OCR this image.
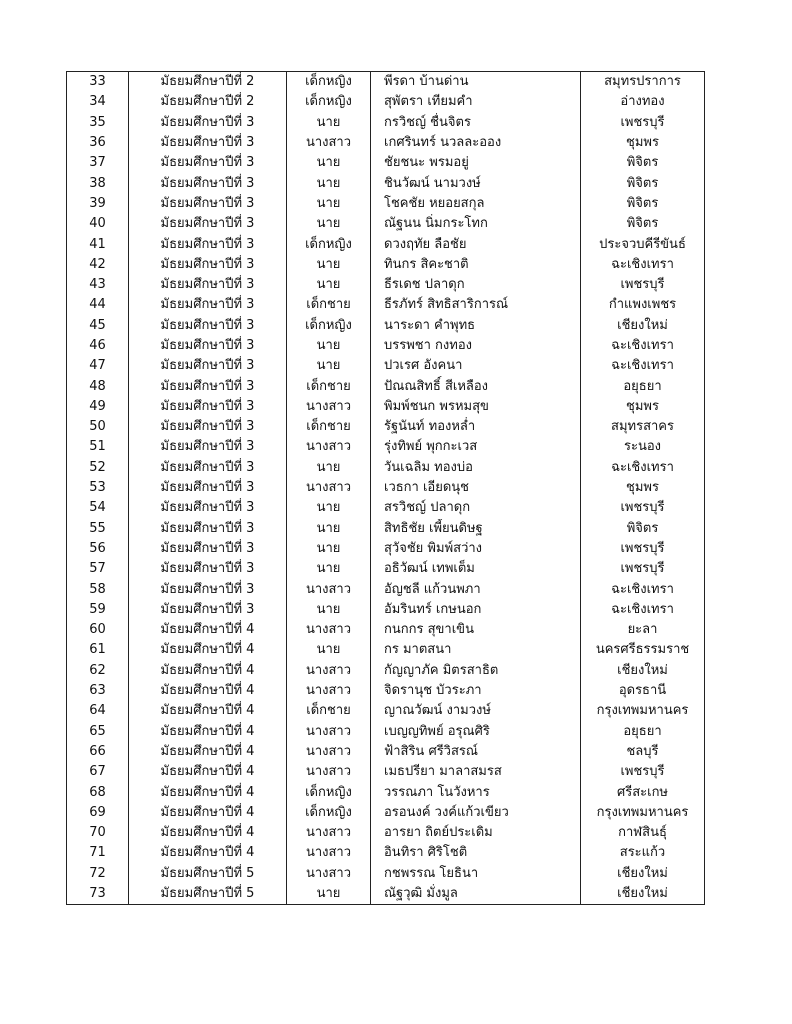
33	มัธยมศึกษาปีที่ 2	เด็กหญิง	พีรดา บ้านด่าน	สมุทรปราการ
34	มัธยมศึกษาปีที่ 2	เด็กหญิง	สุพัตรา เทียมคำ	อ่างทอง
35	มัธยมศึกษาปีที่ 3	นาย	กรวิชญ์ ชื่นจิตร	เพชรบุรี
36	มัธยมศึกษาปีที่ 3	นางสาว	เกศรินทร์ นวลละออง	ชุมพร
37	มัธยมศึกษาปีที่ 3	นาย	ชัยชนะ พรมอยู่	พิจิตร
38	มัธยมศึกษาปีที่ 3	นาย	ชินวัฒน์ นามวงษ์	พิจิตร
39	มัธยมศึกษาปีที่ 3	นาย	โชคชัย หยอยสกุล	พิจิตร
40	มัธยมศึกษาปีที่ 3	นาย	ณัฐนน นิ่มกระโทก	พิจิตร
41	มัธยมศึกษาปีที่ 3	เด็กหญิง	ดวงฤทัย ลือชัย	ประจวบคีรีขันธ์
42	มัธยมศึกษาปีที่ 3	นาย	ทินกร สิคะชาติ	ฉะเชิงเทรา
43	มัธยมศึกษาปีที่ 3	นาย	ธีรเดช ปลาดุก	เพชรบุรี
44	มัธยมศึกษาปีที่ 3	เด็กชาย	ธีรภัทร์ สิทธิสาริการณ์	กำแพงเพชร
45	มัธยมศึกษาปีที่ 3	เด็กหญิง	นาระดา คำพุทธ	เชียงใหม่
46	มัธยมศึกษาปีที่ 3	นาย	บรรพชา กงทอง	ฉะเชิงเทรา
47	มัธยมศึกษาปีที่ 3	นาย	ปวเรศ อังคนา	ฉะเชิงเทรา
48	มัธยมศึกษาปีที่ 3	เด็กชาย	ปัณณสิทธิ์ สีเหลือง	อยุธยา
49	มัธยมศึกษาปีที่ 3	นางสาว	พิมพ์ชนก พรหมสุข	ชุมพร
50	มัธยมศึกษาปีที่ 3	เด็กชาย	รัฐนันท์ ทองหล่ำ	สมุทรสาคร
51	มัธยมศึกษาปีที่ 3	นางสาว	รุ่งทิพย์ พุกกะเวส	ระนอง
52	มัธยมศึกษาปีที่ 3	นาย	วันเฉลิม ทองบ่อ	ฉะเชิงเทรา
53	มัธยมศึกษาปีที่ 3	นางสาว	เวธกา เอียดนุช	ชุมพร
54	มัธยมศึกษาปีที่ 3	นาย	สรวิชญ์ ปลาดุก	เพชรบุรี
55	มัธยมศึกษาปีที่ 3	นาย	สิทธิชัย เพี้ยนดิษฐ	พิจิตร
56	มัธยมศึกษาปีที่ 3	นาย	สุวัจชัย พิมพ์สว่าง	เพชรบุรี
57	มัธยมศึกษาปีที่ 3	นาย	อธิวัฒน์ เทพเต็ม	เพชรบุรี
58	มัธยมศึกษาปีที่ 3	นางสาว	อัญชลี แก้วนพภา	ฉะเชิงเทรา
59	มัธยมศึกษาปีที่ 3	นาย	อัมรินทร์ เกษนอก	ฉะเชิงเทรา
60	มัธยมศึกษาปีที่ 4	นางสาว	กนกกร สุขาเขิน	ยะลา
61	มัธยมศึกษาปีที่ 4	นาย	กร มาตสนา	นครศรีธรรมราช
62	มัธยมศึกษาปีที่ 4	นางสาว	กัญญาภัค มิตรสาธิต	เชียงใหม่
63	มัธยมศึกษาปีที่ 4	นางสาว	จิดรานุช บัวระภา	อุดรธานี
64	มัธยมศึกษาปีที่ 4	เด็กชาย	ญาณวัฒน์ งามวงษ์	กรุงเทพมหานคร
65	มัธยมศึกษาปีที่ 4	นางสาว	เบญญทิพย์ อรุณศิริ	อยุธยา
66	มัธยมศึกษาปีที่ 4	นางสาว	ฟ้าสิริน ศรีวิสรณ์	ชลบุรี
67	มัธยมศึกษาปีที่ 4	นางสาว	เมธปรียา มาลาสมรส	เพชรบุรี
68	มัธยมศึกษาปีที่ 4	เด็กหญิง	วรรณภา โนวังหาร	ศรีสะเกษ
69	มัธยมศึกษาปีที่ 4	เด็กหญิง	อรอนงค์ วงค์แก้วเขียว	กรุงเทพมหานคร
70	มัธยมศึกษาปีที่ 4	นางสาว	อารยา ถิตย์ประเดิม	กาฬสินธุ์
71	มัธยมศึกษาปีที่ 4	นางสาว	อินทิรา ศิริโชติ	สระแก้ว
72	มัธยมศึกษาปีที่ 5	นางสาว	กชพรรณ โยธินา	เชียงใหม่
73	มัธยมศึกษาปีที่ 5	นาย	ณัฐวุฒิ มั่งมูล	เชียงใหม่
